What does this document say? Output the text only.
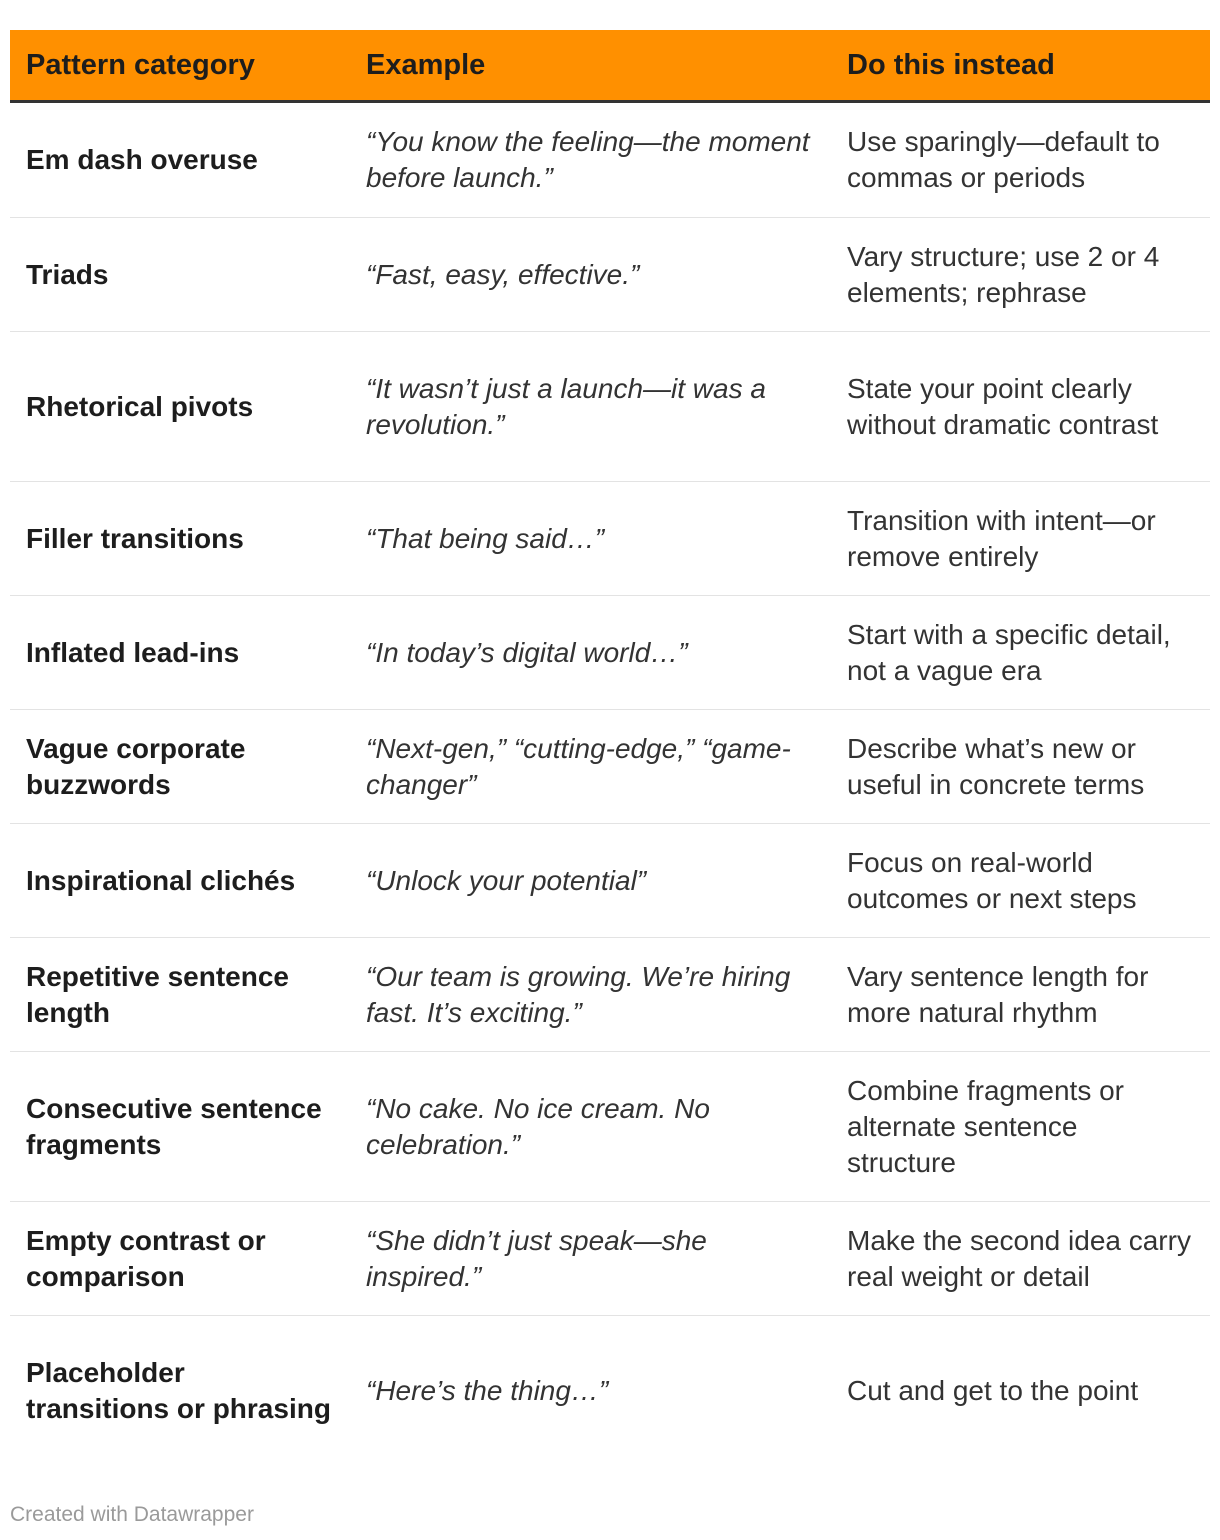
Pattern category	Example	Do this instead
Em dash overuse	“You know the feeling—the moment before launch.”	Use sparingly—default to commas or periods
Triads	“Fast, easy, effective.”	Vary structure; use 2 or 4 elements; rephrase
Rhetorical pivots	“It wasn’t just a launch—it was a revolution.”	State your point clearly without dramatic contrast
Filler transitions	“That being said…”	Transition with intent—or remove entirely
Inflated lead-ins	“In today’s digital world…”	Start with a specific detail, not a vague era
Vague corporate buzzwords	“Next-gen,” “cutting-edge,” “game-changer”	Describe what’s new or useful in concrete terms
Inspirational clichés	“Unlock your potential”	Focus on real-world outcomes or next steps
Repetitive sentence length	“Our team is growing. We’re hiring fast. It’s exciting.”	Vary sentence length for more natural rhythm
Consecutive sentence fragments	“No cake. No ice cream. No celebration.”	Combine fragments or alternate sentence structure
Empty contrast or comparison	“She didn’t just speak—she inspired.”	Make the second idea carry real weight or detail
Placeholder transitions or phrasing	“Here’s the thing…”	Cut and get to the point
Created with Datawrapper
